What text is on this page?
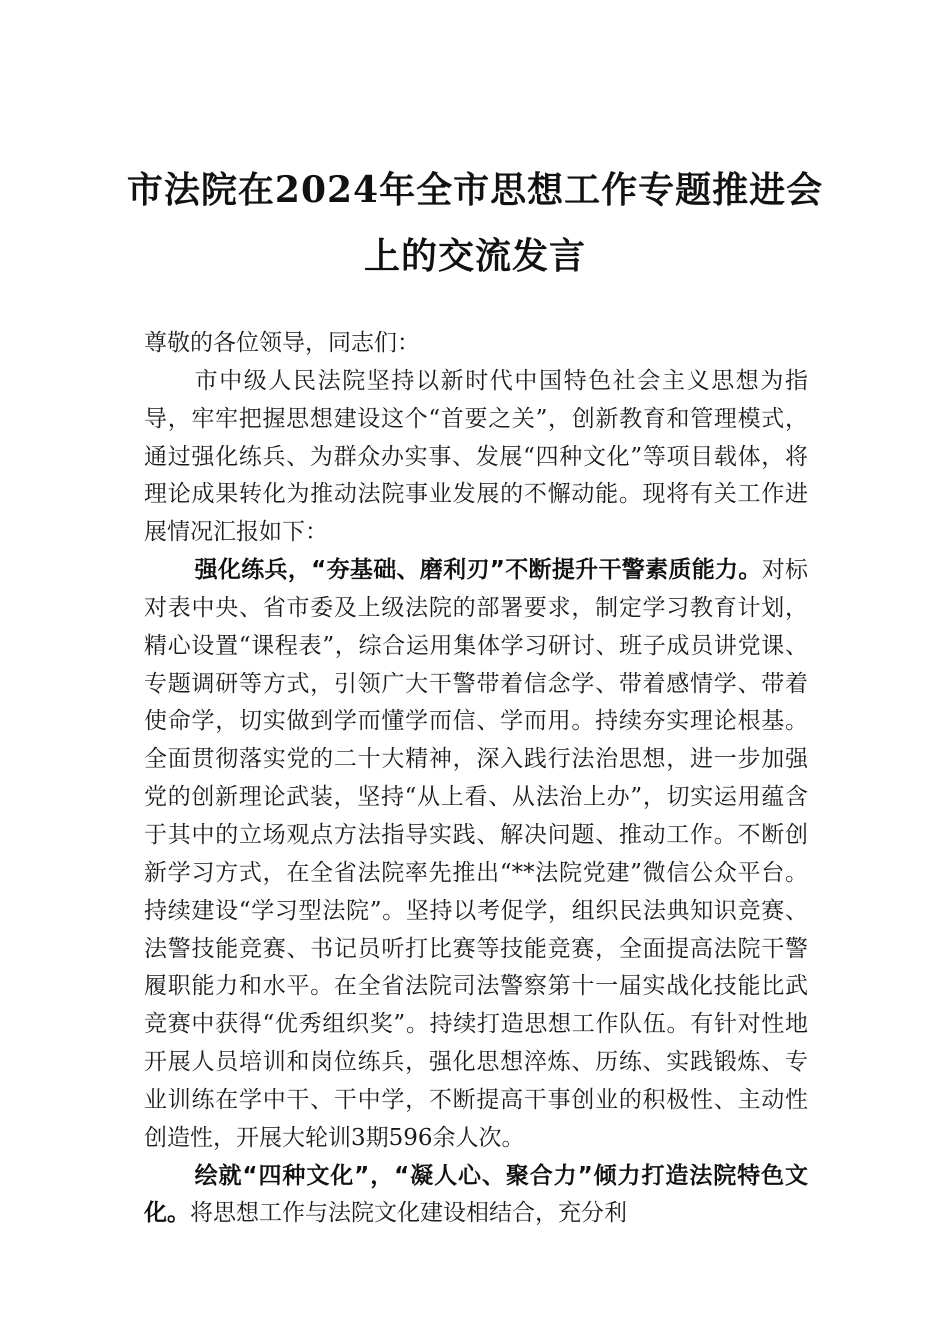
市法院在2024年全市思想工作专题推进会
上的交流发言

尊敬的各位领导，同志们：

市中级人民法院坚持以新时代中国特色社会主义思想为指导，牢牢把握思想建设这个“首要之关”，创新教育和管理模式，通过强化练兵、为群众办实事、发展“四种文化”等项目载体，将理论成果转化为推动法院事业发展的不懈动能。现将有关工作进展情况汇报如下：

强化练兵，“夯基础、磨利刃”不断提升干警素质能力。对标对表中央、省市委及上级法院的部署要求，制定学习教育计划，精心设置“课程表”，综合运用集体学习研讨、班子成员讲党课、专题调研等方式，引领广大干警带着信念学、带着感情学、带着使命学，切实做到学而懂学而信、学而用。持续夯实理论根基。全面贯彻落实党的二十大精神，深入践行法治思想，进一步加强党的创新理论武装，坚持“从上看、从法治上办”，切实运用蕴含于其中的立场观点方法指导实践、解决问题、推动工作。不断创新学习方式，在全省法院率先推出“**法院党建”微信公众平台。持续建设“学习型法院”。坚持以考促学，组织民法典知识竞赛、法警技能竞赛、书记员听打比赛等技能竞赛，全面提高法院干警履职能力和水平。在全省法院司法警察第十一届实战化技能比武竞赛中获得“优秀组织奖”。持续打造思想工作队伍。有针对性地开展人员培训和岗位练兵，强化思想淬炼、历练、实践锻炼、专业训练在学中干、干中学，不断提高干事创业的积极性、主动性创造性，开展大轮训3期596余人次。

绘就“四种文化”，“凝人心、聚合力”倾力打造法院特色文化。将思想工作与法院文化建设相结合，充分利
